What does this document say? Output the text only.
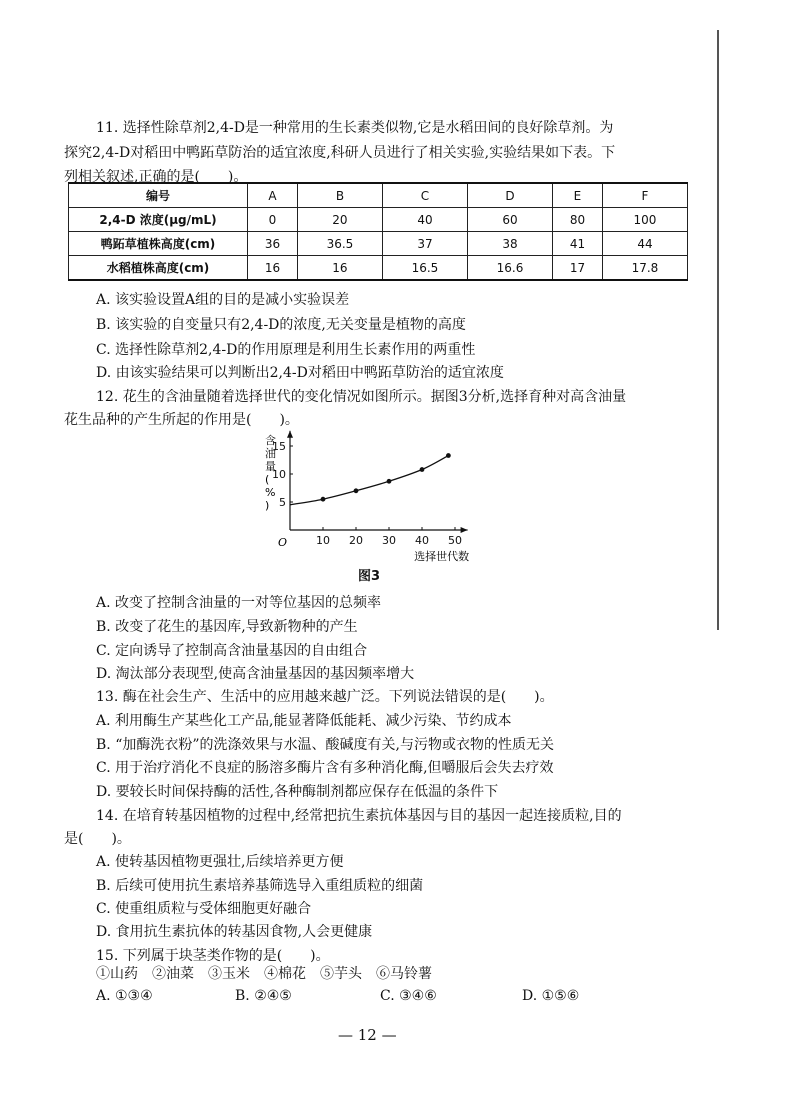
11. 选择性除草剂2,4-D是一种常用的生长素类似物,它是水稻田间的良好除草剂。为
探究2,4-D对稻田中鸭跖草防治的适宜浓度,科研人员进行了相关实验,实验结果如下表。下
列相关叙述,正确的是(　　)。
编号	A	B	C	D	E	F
2,4-D 浓度(μg/mL)	0	20	40	60	80	100
鸭跖草植株高度(cm)	36	36.5	37	38	41	44
水稻植株高度(cm)	16	16	16.5	16.6	17	17.8
A. 该实验设置A组的目的是减小实验误差
B. 该实验的自变量只有2,4-D的浓度,无关变量是植物的高度
C. 选择性除草剂2,4-D的作用原理是利用生长素作用的两重性
D. 由该实验结果可以判断出2,4-D对稻田中鸭跖草防治的适宜浓度
12. 花生的含油量随着选择世代的变化情况如图所示。据图3分析,选择育种对高含油量
花生品种的产生所起的作用是(　　)。
10 20 30 40 50
5
10
15
含油量( % )
选择世代数
O
图3
A. 改变了控制含油量的一对等位基因的总频率
B. 改变了花生的基因库,导致新物种的产生
C. 定向诱导了控制高含油量基因的自由组合
D. 淘汰部分表现型,使高含油量基因的基因频率增大
13. 酶在社会生产、生活中的应用越来越广泛。下列说法错误的是(　　)。
A. 利用酶生产某些化工产品,能显著降低能耗、减少污染、节约成本
B. “加酶洗衣粉”的洗涤效果与水温、酸碱度有关,与污物或衣物的性质无关
C. 用于治疗消化不良症的肠溶多酶片含有多种消化酶,但嚼服后会失去疗效
D. 要较长时间保持酶的活性,各种酶制剂都应保存在低温的条件下
14. 在培育转基因植物的过程中,经常把抗生素抗体基因与目的基因一起连接质粒,目的
是(　　)。
A. 使转基因植物更强壮,后续培养更方便
B. 后续可使用抗生素培养基筛选导入重组质粒的细菌
C. 使重组质粒与受体细胞更好融合
D. 食用抗生素抗体的转基因食物,人会更健康
15. 下列属于块茎类作物的是(　　)。
①山药　②油菜　③玉米　④棉花　⑤芋头　⑥马铃薯
A. ①③④	B. ②④⑤	C. ③④⑥	D. ①⑤⑥
— 12 —
